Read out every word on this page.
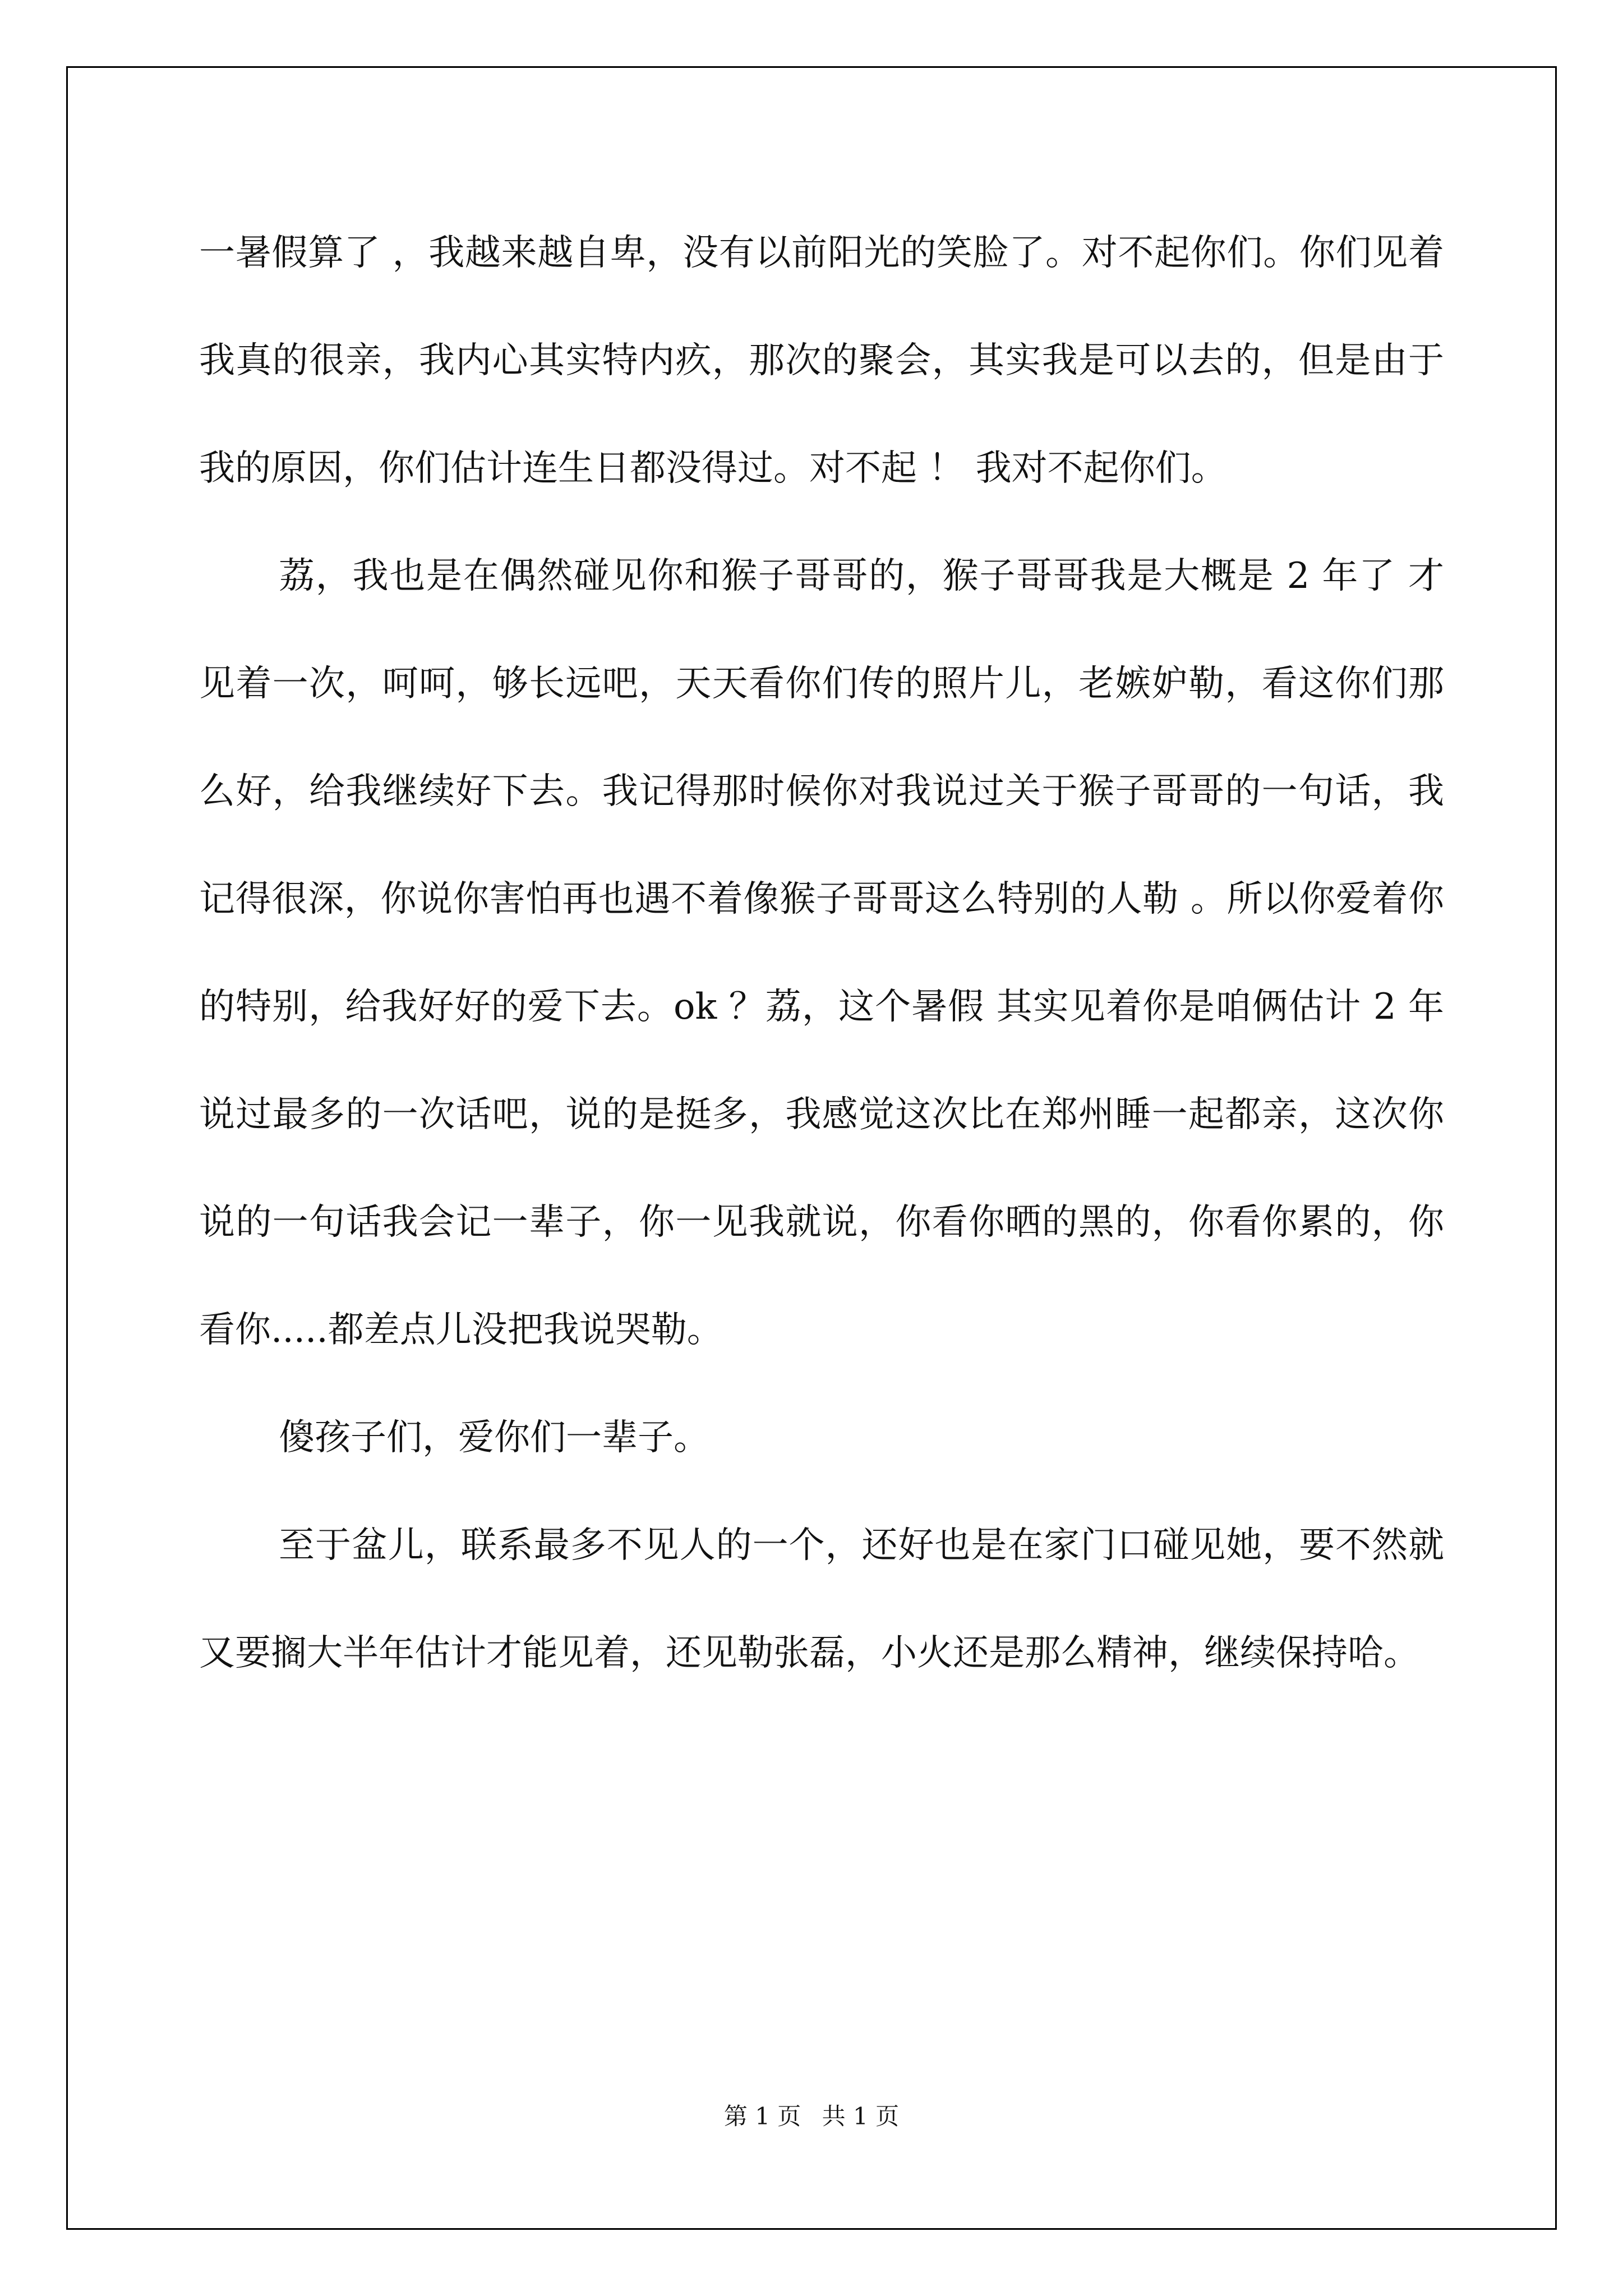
一暑假算了 ，我越来越自卑，没有以前阳光的笑脸了。对不起你们。你们见着我真的很亲，我内心其实特内疚，那次的聚会，其实我是可以去的，但是由于我的原因，你们估计连生日都没得过。对不起 ！ 我对不起你们。

荔，我也是在偶然碰见你和猴子哥哥的，猴子哥哥我是大概是 2 年了 才见着一次，呵呵，够长远吧，天天看你们传的照片儿，老嫉妒勒，看这你们那么好，给我继续好下去。我记得那时候你对我说过关于猴子哥哥的一句话，我记得很深，你说你害怕再也遇不着像猴子哥哥这么特别的人勒 。所以你爱着你的特别，给我好好的爱下去。ok ？荔，这个暑假 其实见着你是咱俩估计 2 年说过最多的一次话吧，说的是挺多，我感觉这次比在郑州睡一起都亲，这次你说的一句话我会记一辈子，你一见我就说，你看你晒的黑的，你看你累的，你看你.....都差点儿没把我说哭勒。

傻孩子们，爱你们一辈子。

至于盆儿，联系最多不见人的一个，还好也是在家门口碰见她，要不然就又要搁大半年估计才能见着，还见勒张磊，小火还是那么精神，继续保持哈。

第 1 页 共 1 页
